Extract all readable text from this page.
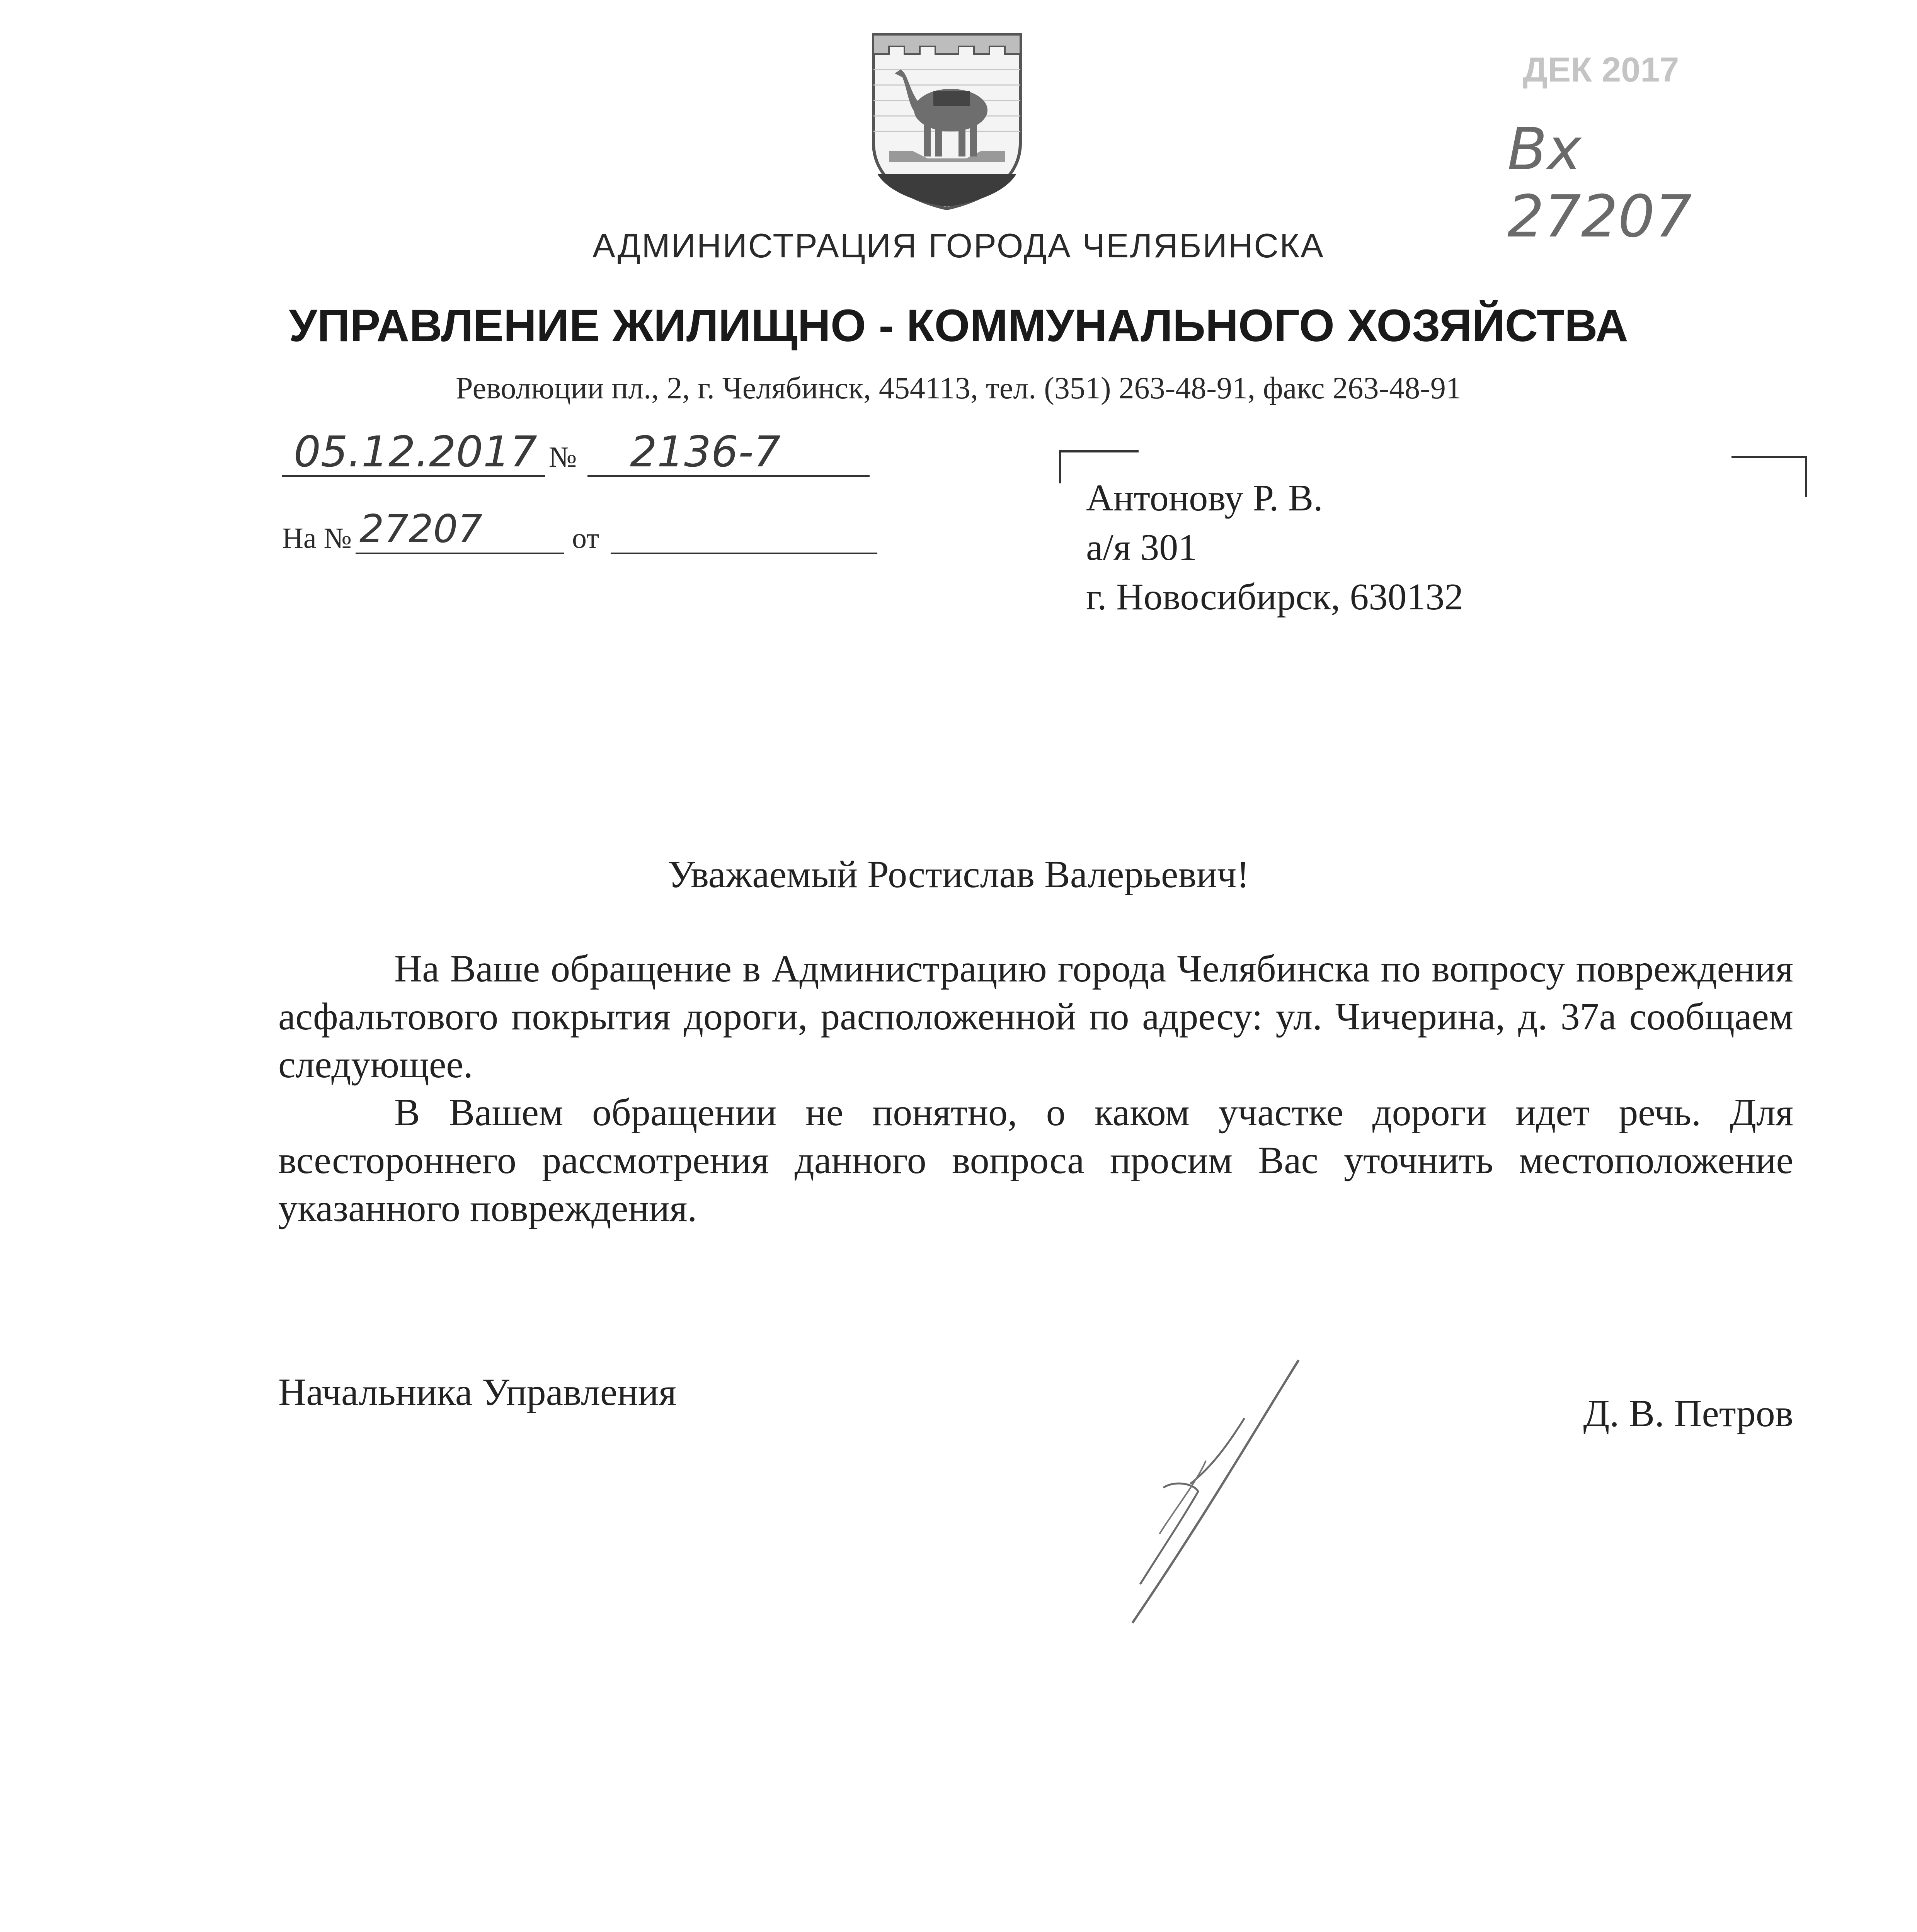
АДМИНИСТРАЦИЯ ГОРОДА ЧЕЛЯБИНСКА
УПРАВЛЕНИЕ ЖИЛИЩНО - КОММУНАЛЬНОГО ХОЗЯЙСТВА
Революции пл., 2, г. Челябинск, 454113, тел. (351) 263-48-91, факс 263-48-91
05.12.2017 № 2136-7
На № 27207	от
Антонову Р. В.
а/я 301
г. Новосибирск, 630132
Уважаемый Ростислав Валерьевич!

На Ваше обращение в Администрацию города Челябинска по вопросу повреждения асфальтового покрытия дороги, расположенной по адресу: ул. Чичерина, д. 37а сообщаем следующее.

В Вашем обращении не понятно, о каком участке дороги идет речь. Для всестороннего рассмотрения данного вопроса просим Вас уточнить местоположение указанного повреждения.

Начальника Управления	Д. В. Петров
ДЕК 2017
Вх 27207
